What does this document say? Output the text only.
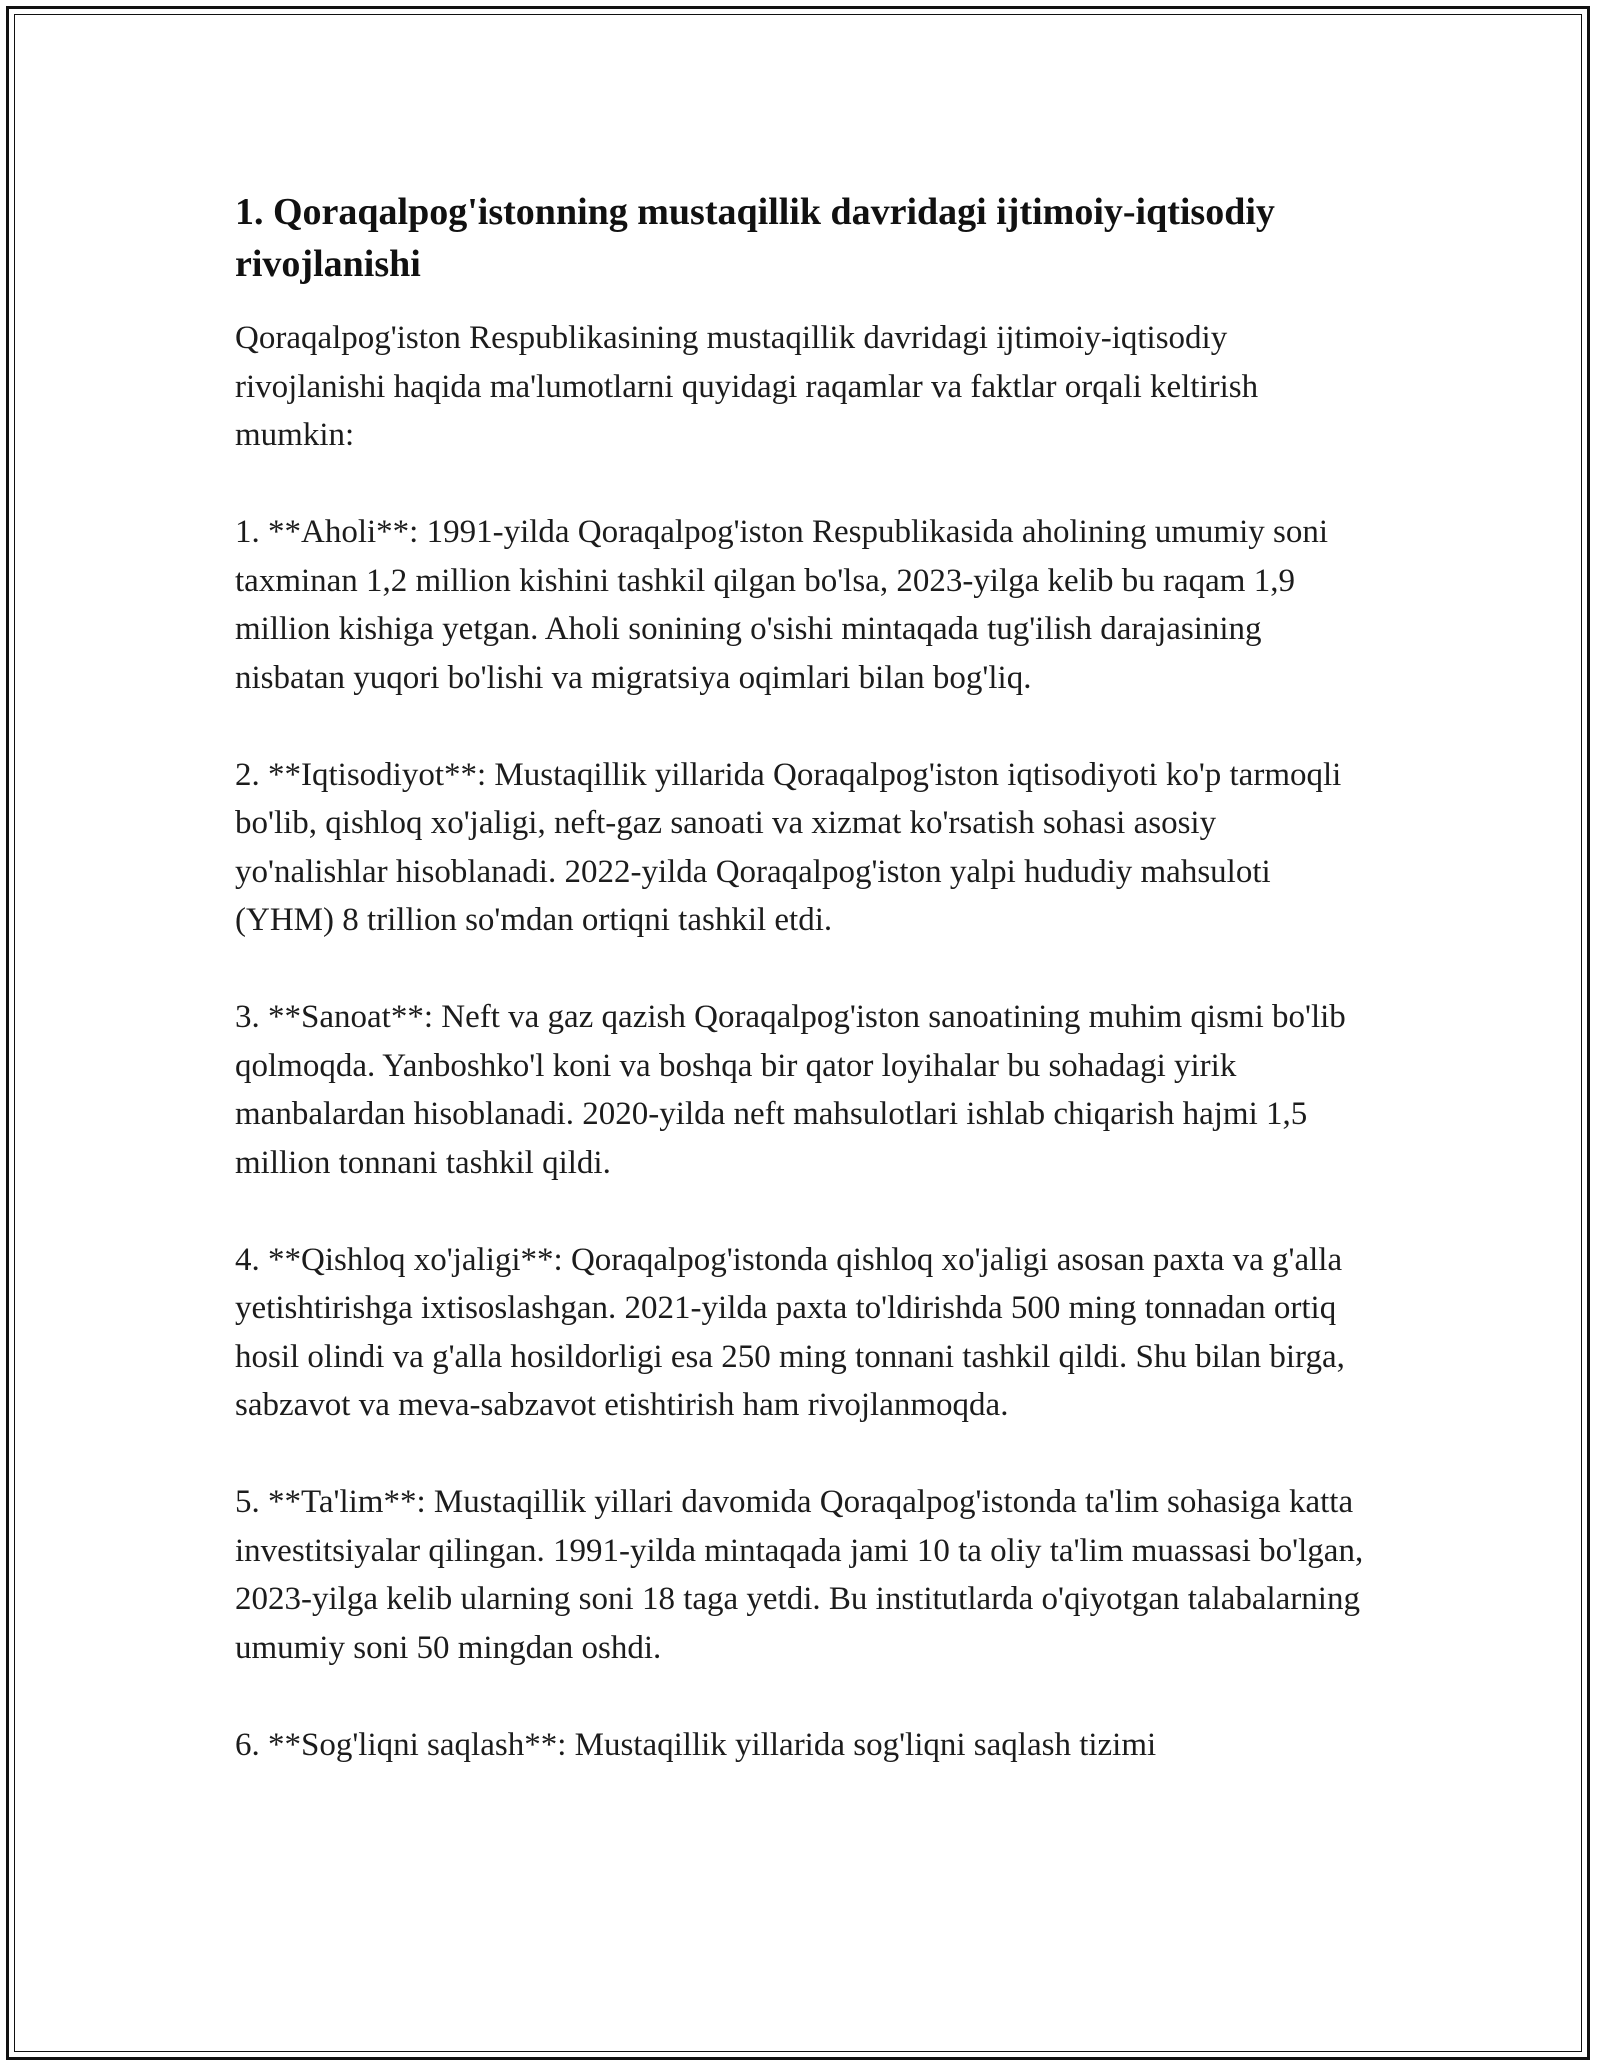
1. Qoraqalpog'istonning mustaqillik davridagi ijtimoiy-iqtisodiy rivojlanishi

Qoraqalpog'iston Respublikasining mustaqillik davridagi ijtimoiy-iqtisodiy rivojlanishi haqida ma'lumotlarni quyidagi raqamlar va faktlar orqali keltirish mumkin:

1. **Aholi**: 1991-yilda Qoraqalpog'iston Respublikasida aholining umumiy soni taxminan 1,2 million kishini tashkil qilgan bo'lsa, 2023-yilga kelib bu raqam 1,9 million kishiga yetgan. Aholi sonining o'sishi mintaqada tug'ilish darajasining nisbatan yuqori bo'lishi va migratsiya oqimlari bilan bog'liq.

2. **Iqtisodiyot**: Mustaqillik yillarida Qoraqalpog'iston iqtisodiyoti ko'p tarmoqli bo'lib, qishloq xo'jaligi, neft-gaz sanoati va xizmat ko'rsatish sohasi asosiy yo'nalishlar hisoblanadi. 2022-yilda Qoraqalpog'iston yalpi hududiy mahsuloti (YHM) 8 trillion so'mdan ortiqni tashkil etdi.

3. **Sanoat**: Neft va gaz qazish Qoraqalpog'iston sanoatining muhim qismi bo'lib qolmoqda. Yanboshko'l koni va boshqa bir qator loyihalar bu sohadagi yirik manbalardan hisoblanadi. 2020-yilda neft mahsulotlari ishlab chiqarish hajmi 1,5 million tonnani tashkil qildi.

4. **Qishloq xo'jaligi**: Qoraqalpog'istonda qishloq xo'jaligi asosan paxta va g'alla yetishtirishga ixtisoslashgan. 2021-yilda paxta to'ldirishda 500 ming tonnadan ortiq hosil olindi va g'alla hosildorligi esa 250 ming tonnani tashkil qildi. Shu bilan birga, sabzavot va meva-sabzavot etishtirish ham rivojlanmoqda.

5. **Ta'lim**: Mustaqillik yillari davomida Qoraqalpog'istonda ta'lim sohasiga katta investitsiyalar qilingan. 1991-yilda mintaqada jami 10 ta oliy ta'lim muassasi bo'lgan, 2023-yilga kelib ularning soni 18 taga yetdi. Bu institutlarda o'qiyotgan talabalarning umumiy soni 50 mingdan oshdi.

6. **Sog'liqni saqlash**: Mustaqillik yillarida sog'liqni saqlash tizimi
